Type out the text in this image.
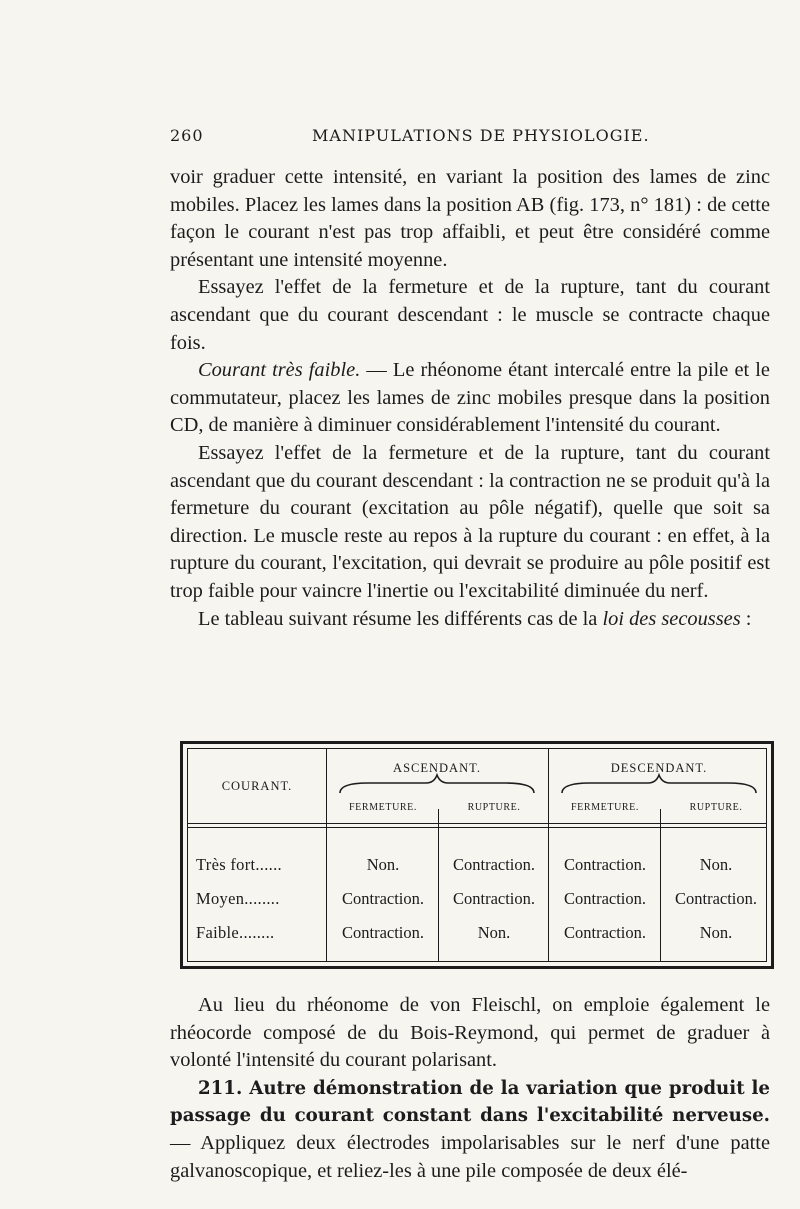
260	MANIPULATIONS DE PHYSIOLOGIE.

voir graduer cette intensité, en variant la position des lames de zinc mobiles. Placez les lames dans la position AB (fig. 173, n° 181) : de cette façon le courant n'est pas trop affaibli, et peut être considéré comme présentant une intensité moyenne.

Essayez l'effet de la fermeture et de la rupture, tant du courant ascendant que du courant descendant : le muscle se contracte chaque fois.

Courant très faible. — Le rhéonome étant intercalé entre la pile et le commutateur, placez les lames de zinc mobiles presque dans la position CD, de manière à diminuer considérablement l'intensité du courant.

Essayez l'effet de la fermeture et de la rupture, tant du courant ascendant que du courant descendant : la contraction ne se produit qu'à la fermeture du courant (excitation au pôle négatif), quelle que soit sa direction. Le muscle reste au repos à la rupture du courant : en effet, à la rupture du courant, l'excitation, qui devrait se produire au pôle positif est trop faible pour vaincre l'inertie ou l'excitabilité diminuée du nerf.

Le tableau suivant résume les différents cas de la loi des secousses :

COURANT.
ASCENDANT.	DESCENDANT.
FERMETURE.	RUPTURE.	FERMETURE.	RUPTURE.
Très fort......	Non.	Contraction.	Contraction.	Non.
Moyen........	Contraction.	Contraction.	Contraction.	Contraction.
Faible........	Contraction.	Non.	Contraction.	Non.

Au lieu du rhéonome de von Fleischl, on emploie également le rhéocorde composé de du Bois-Reymond, qui permet de graduer à volonté l'intensité du courant polarisant.

211. Autre démonstration de la variation que produit le passage du courant constant dans l'excitabilité nerveuse. — Appliquez deux électrodes impolarisables sur le nerf d'une patte galvanoscopique, et reliez-les à une pile composée de deux élé-
